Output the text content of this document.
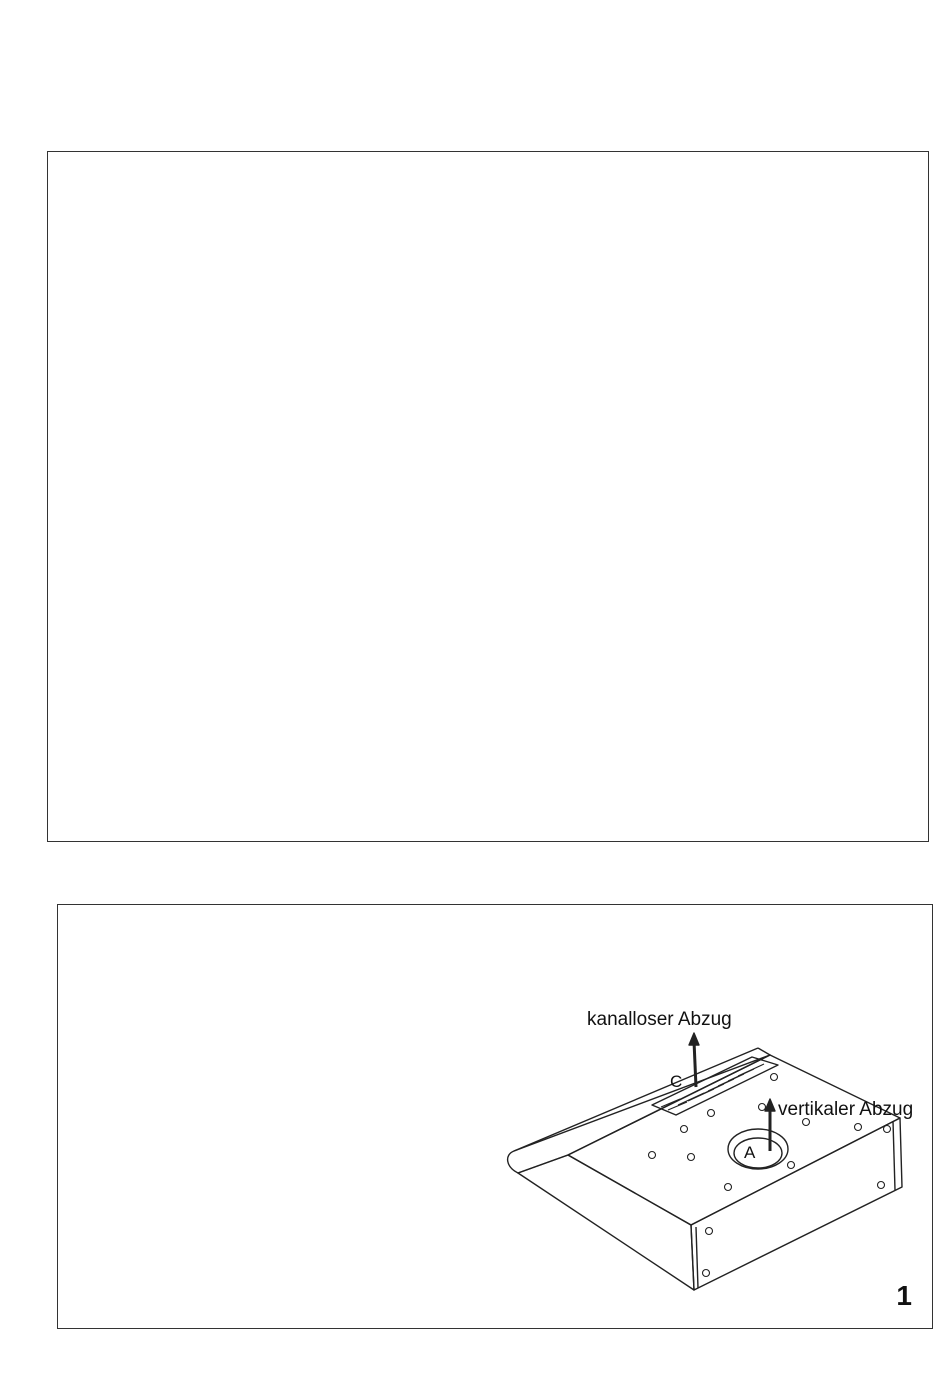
kanalloser Abzug
vertikaler Abzug
C
A
1
